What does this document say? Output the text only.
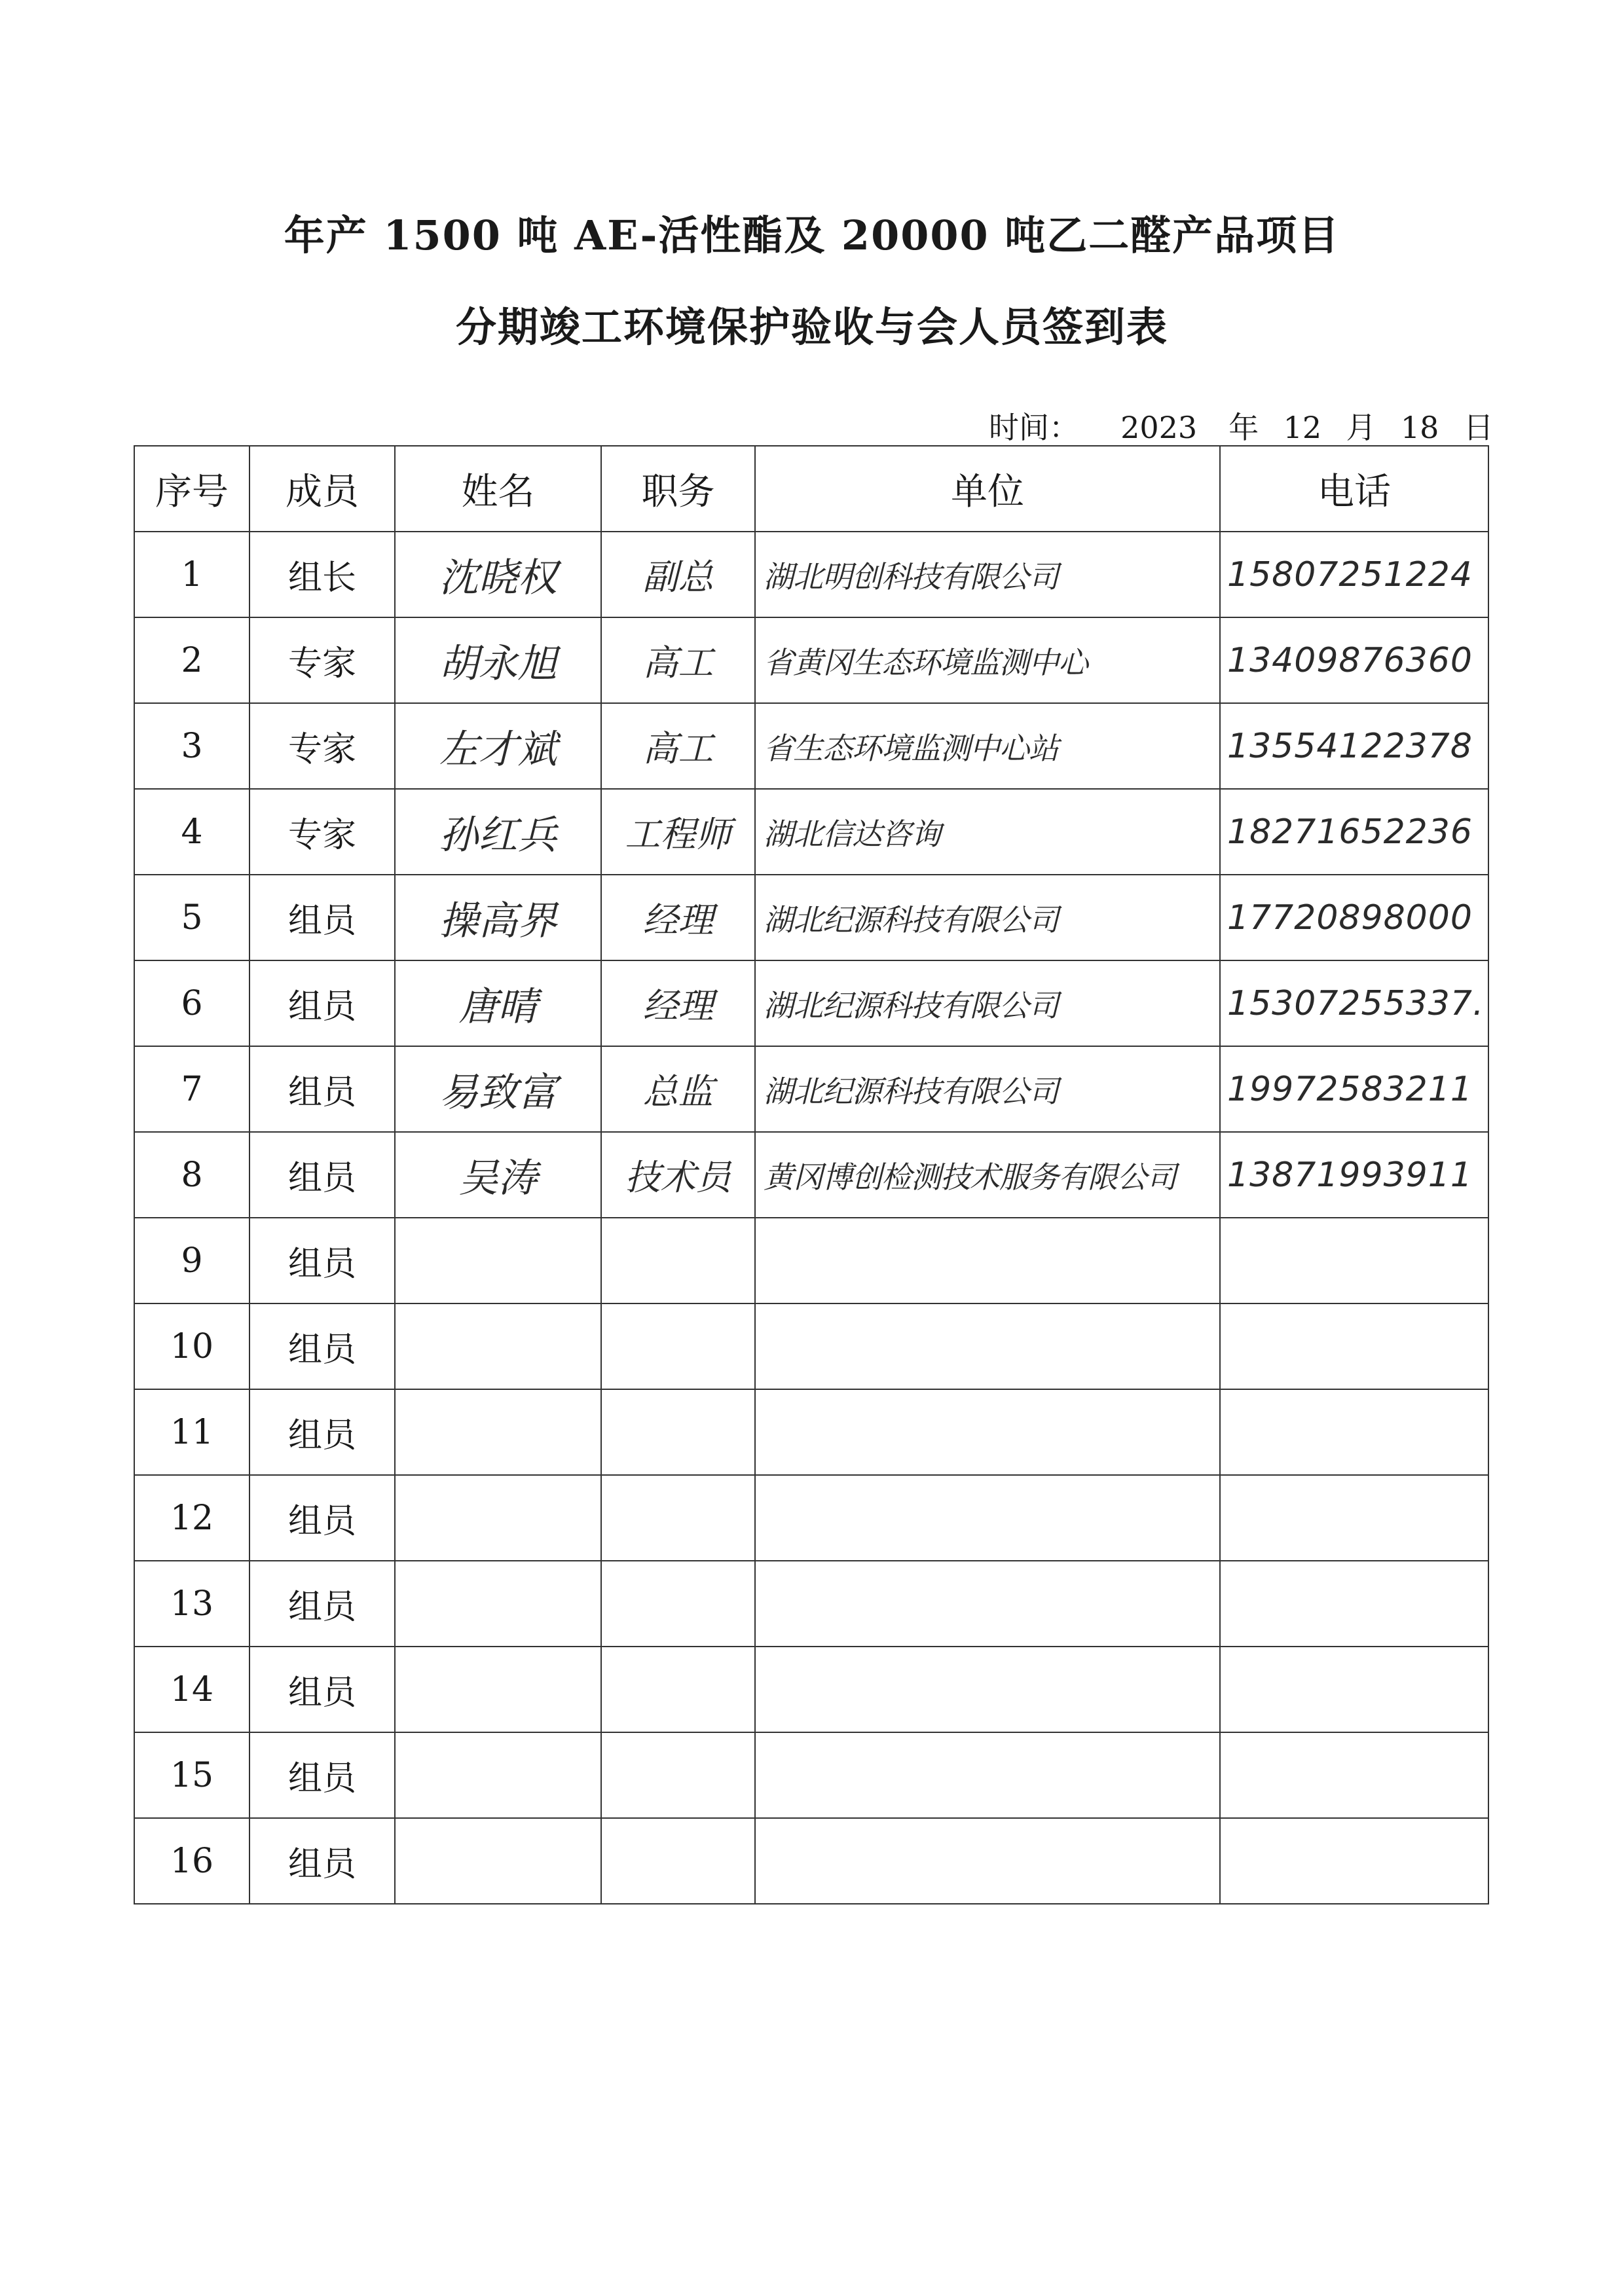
年产 1500 吨 AE-活性酯及 20000 吨乙二醛产品项目
分期竣工环境保护验收与会人员签到表
时间： 2023 年 12 月 18 日
序号	成员	姓名	职务	单位	电话
1	组长	沈晓权	副总	湖北明创科技有限公司	15807251224

2	专家	胡永旭	高工	省黄冈生态环境监测中心	13409876360

3	专家	左才斌	高工	省生态环境监测中心站	13554122378

4	专家	孙红兵	工程师	湖北信达咨询	18271652236

5	组员	操高界	经理	湖北纪源科技有限公司	17720898000

6	组员	唐晴	经理	湖北纪源科技有限公司	15307255337.

7	组员	易致富	总监	湖北纪源科技有限公司	19972583211

8	组员	吴涛	技术员	黄冈博创检测技术服务有限公司	13871993911

9	组员	

10	组员	

11	组员	

12	组员	

13	组员	

14	组员	

15	组员	

16	组员	
